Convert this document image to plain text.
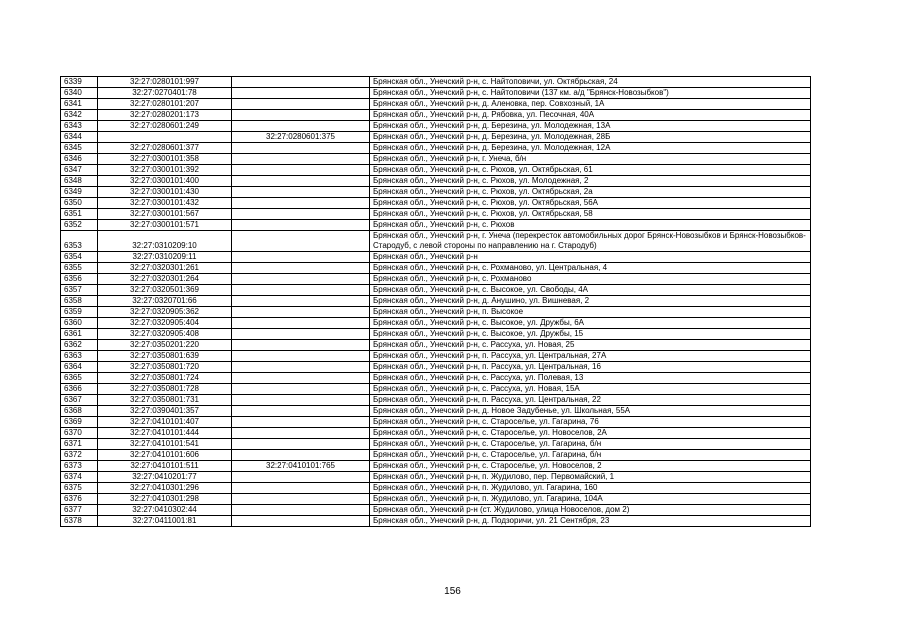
6339	32:27:0280101:997		Брянская обл., Унечский р-н, с. Найтоповичи, ул. Октябрьская, 24
6340	32:27:0270401:78		Брянская обл., Унечский р-н, с. Найтоповичи (137 км. а/д "Брянск-Новозыбков")
6341	32:27:0280101:207		Брянская обл., Унечский р-н, д. Аленовка, пер. Совхозный, 1А
6342	32:27:0280201:173		Брянская обл., Унечский р-н, д. Рябовка, ул. Песочная, 40А
6343	32:27:0280601:249		Брянская обл., Унечский р-н, д. Березина, ул. Молодежная, 13А
6344		32:27:0280601:375	Брянская обл., Унечский р-н, д. Березина, ул. Молодежная, 28Б
6345	32:27:0280601:377		Брянская обл., Унечский р-н, д. Березина, ул. Молодежная, 12А
6346	32:27:0300101:358		Брянская обл., Унечский р-н, г. Унеча, б/н
6347	32:27:0300101:392		Брянская обл., Унечский р-н, с. Рюхов, ул. Октябрьская, 61
6348	32:27:0300101:400		Брянская обл., Унечский р-н, с. Рюхов, ул. Молодежная, 2
6349	32:27:0300101:430		Брянская обл., Унечский р-н, с. Рюхов, ул. Октябрьская, 2а
6350	32:27:0300101:432		Брянская обл., Унечский р-н, с. Рюхов, ул. Октябрьская, 56А
6351	32:27:0300101:567		Брянская обл., Унечский р-н, с. Рюхов, ул. Октябрьская, 58
6352	32:27:0300101:571		Брянская обл., Унечский р-н, с. Рюхов
6353	32:27:0310209:10		Брянская обл., Унечский р-н, г. Унеча (перекресток автомобильных дорог Брянск-Новозыбков и Брянск-Новозыбков-Стародуб, с левой стороны по направлению на г. Стародуб)
6354	32:27:0310209:11		Брянская обл., Унечский р-н
6355	32:27:0320301:261		Брянская обл., Унечский р-н, с. Рохманово, ул. Центральная, 4
6356	32:27:0320301:264		Брянская обл., Унечский р-н, с. Рохманово
6357	32:27:0320501:369		Брянская обл., Унечский р-н, с. Высокое, ул. Свободы, 4А
6358	32:27:0320701:66		Брянская обл., Унечский р-н, д. Анушино, ул. Вишневая, 2
6359	32:27:0320905:362		Брянская обл., Унечский р-н, п. Высокое
6360	32:27:0320905:404		Брянская обл., Унечский р-н, с. Высокое, ул. Дружбы, 6А
6361	32:27:0320905:408		Брянская обл., Унечский р-н, с. Высокое, ул. Дружбы, 15
6362	32:27:0350201:220		Брянская обл., Унечский р-н, с. Рассуха, ул. Новая, 25
6363	32:27:0350801:639		Брянская обл., Унечский р-н, п. Рассуха, ул. Центральная, 27А
6364	32:27:0350801:720		Брянская обл., Унечский р-н, п. Рассуха, ул. Центральная, 16
6365	32:27:0350801:724		Брянская обл., Унечский р-н, с. Рассуха, ул. Полевая, 13
6366	32:27:0350801:728		Брянская обл., Унечский р-н, с. Рассуха, ул. Новая, 15А
6367	32:27:0350801:731		Брянская обл., Унечский р-н, п. Рассуха, ул. Центральная, 22
6368	32:27:0390401:357		Брянская обл., Унечский р-н, д. Новое Задубенье, ул. Школьная, 55А
6369	32:27:0410101:407		Брянская обл., Унечский р-н, с. Староселье, ул. Гагарина, 76
6370	32:27:0410101:444		Брянская обл., Унечский р-н, с. Староселье, ул. Новоселов, 2А
6371	32:27:0410101:541		Брянская обл., Унечский р-н, с. Староселье, ул. Гагарина, б/н
6372	32:27:0410101:606		Брянская обл., Унечский р-н, с. Староселье, ул. Гагарина, б/н
6373	32:27:0410101:511	32:27:0410101:765	Брянская обл., Унечский р-н, с. Староселье, ул. Новоселов, 2
6374	32:27:0410201:77		Брянская обл., Унечский р-н, п. Жудилово, пер. Первомайский, 1
6375	32:27:0410301:296		Брянская обл., Унечский р-н, п. Жудилово, ул. Гагарина, 160
6376	32:27:0410301:298		Брянская обл., Унечский р-н, п. Жудилово, ул. Гагарина, 104А
6377	32:27:0410302:44		Брянская обл., Унечский р-н (ст. Жудилово, улица Новоселов, дом 2)
6378	32:27:0411001:81		Брянская обл., Унечский р-н, д. Подзоричи, ул. 21 Сентября, 23
156
